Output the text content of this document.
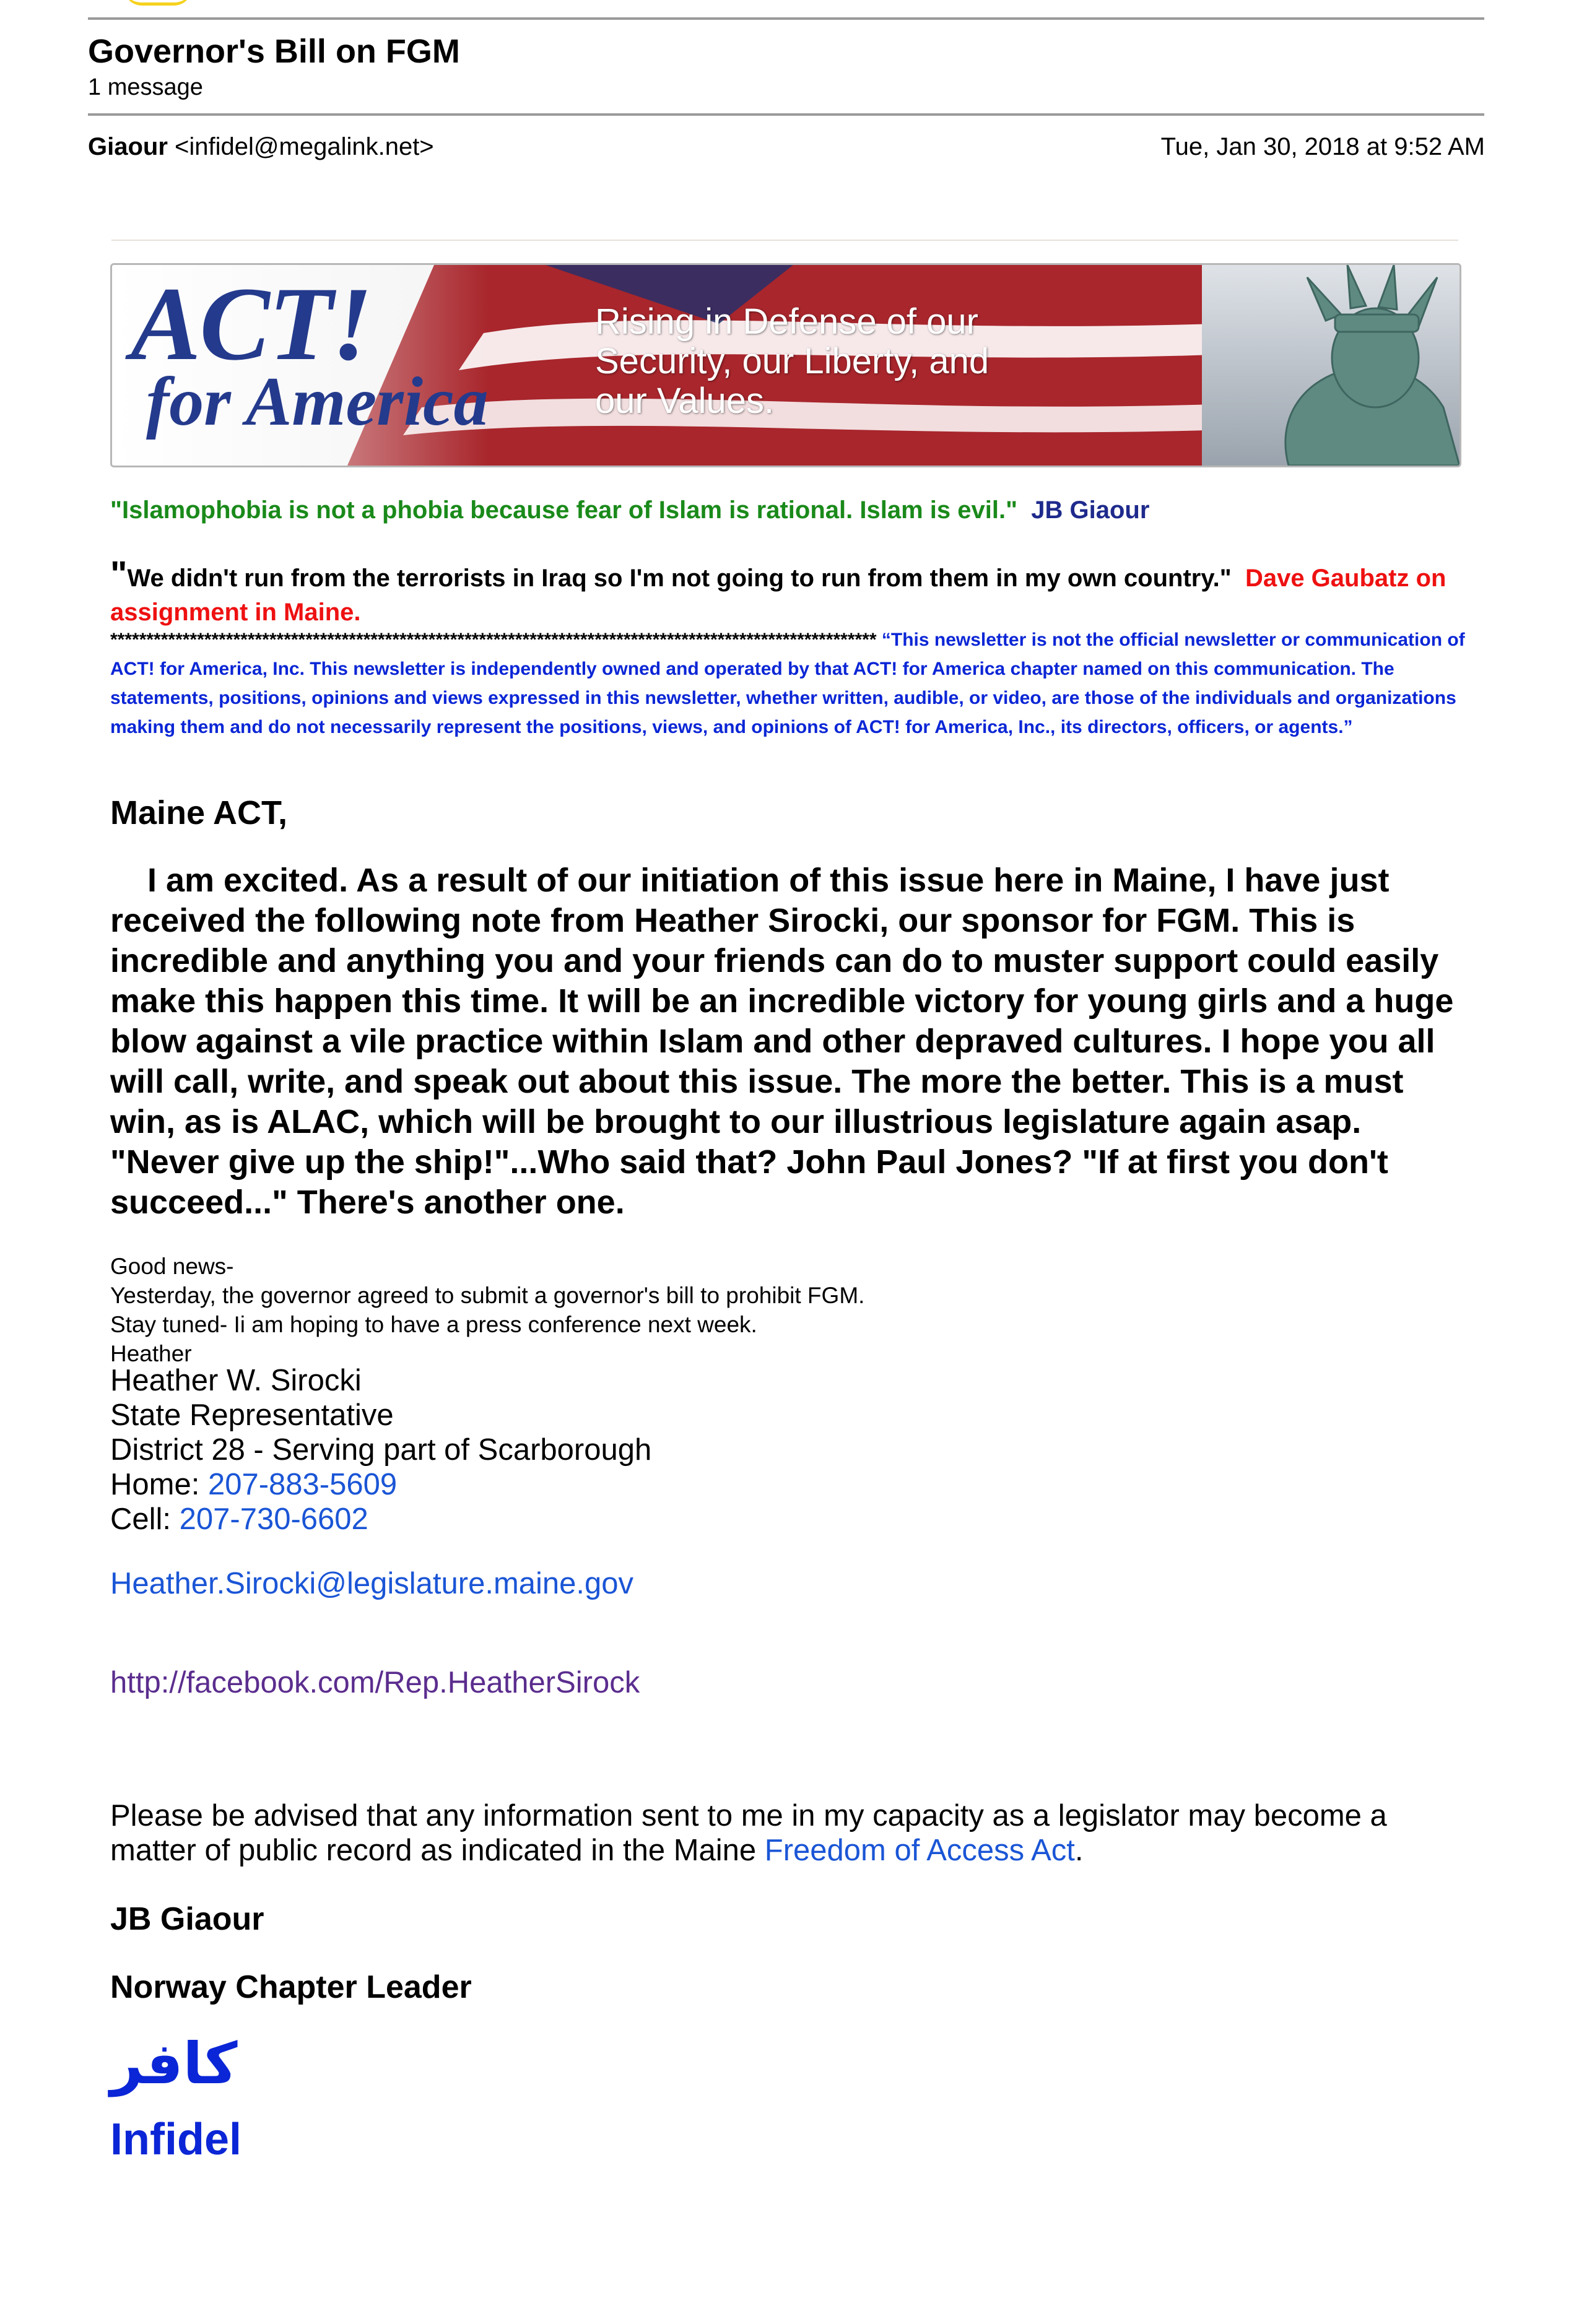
Governor's Bill on FGM
1 message
Giaour <infidel@megalink.net>	Tue, Jan 30, 2018 at 9:52 AM
ACT!
for America
Rising in Defense of our Security, our Liberty, and our Values.
"Islamophobia is not a phobia because fear of Islam is rational. Islam is evil." JB Giaour
"We didn't run from the terrorists in Iraq so I'm not going to run from them in my own country." Dave Gaubatz on assignment in Maine.
********************************************************************************************************** “This newsletter is not the official newsletter or communication of ACT! for America, Inc. This newsletter is independently owned and operated by that ACT! for America chapter named on this communication. The statements, positions, opinions and views expressed in this newsletter, whether written, audible, or video, are those of the individuals and organizations making them and do not necessarily represent the positions, views, and opinions of ACT! for America, Inc., its directors, officers, or agents.”
Maine ACT,
I am excited. As a result of our initiation of this issue here in Maine, I have just received the following note from Heather Sirocki, our sponsor for FGM. This is incredible and anything you and your friends can do to muster support could easily make this happen this time. It will be an incredible victory for young girls and a huge blow against a vile practice within Islam and other depraved cultures. I hope you all will call, write, and speak out about this issue. The more the better. This is a must win, as is ALAC, which will be brought to our illustrious legislature again asap. "Never give up the ship!"...Who said that? John Paul Jones? "If at first you don't succeed..." There's another one.
Good news-
Yesterday, the governor agreed to submit a governor's bill to prohibit FGM.
Stay tuned- Ii am hoping to have a press conference next week.
Heather
Heather W. Sirocki
State Representative
District 28 - Serving part of Scarborough
Home: 207-883-5609
Cell: 207-730-6602
Heather.Sirocki@legislature.maine.gov
http://facebook.com/Rep.HeatherSirock
Please be advised that any information sent to me in my capacity as a legislator may become a matter of public record as indicated in the Maine Freedom of Access Act.
JB Giaour
Norway Chapter Leader
كافر
Infidel
